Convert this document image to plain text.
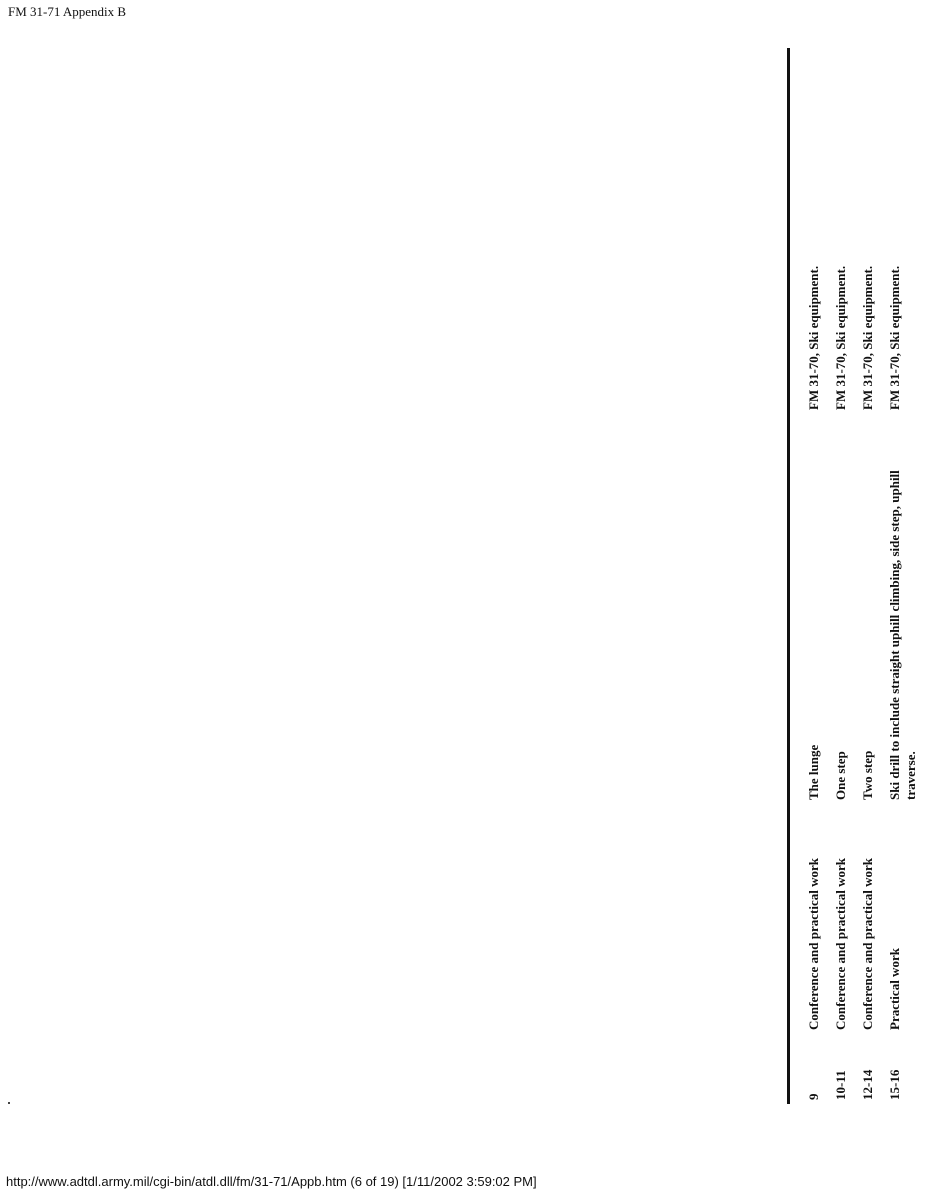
FM 31-71 Appendix B
9
Conference and practical work
The lunge
FM 31-70, Ski equipment.
10-11
Conference and practical work
One step
FM 31-70, Ski equipment.
12-14
Conference and practical work
Two step
FM 31-70, Ski equipment.
15-16
Practical work
Ski drill to include straight uphill climbing, side step, uphill traverse.
FM 31-70, Ski equipment.
http://www.adtdl.army.mil/cgi-bin/atdl.dll/fm/31-71/Appb.htm (6 of 19) [1/11/2002 3:59:02 PM]
